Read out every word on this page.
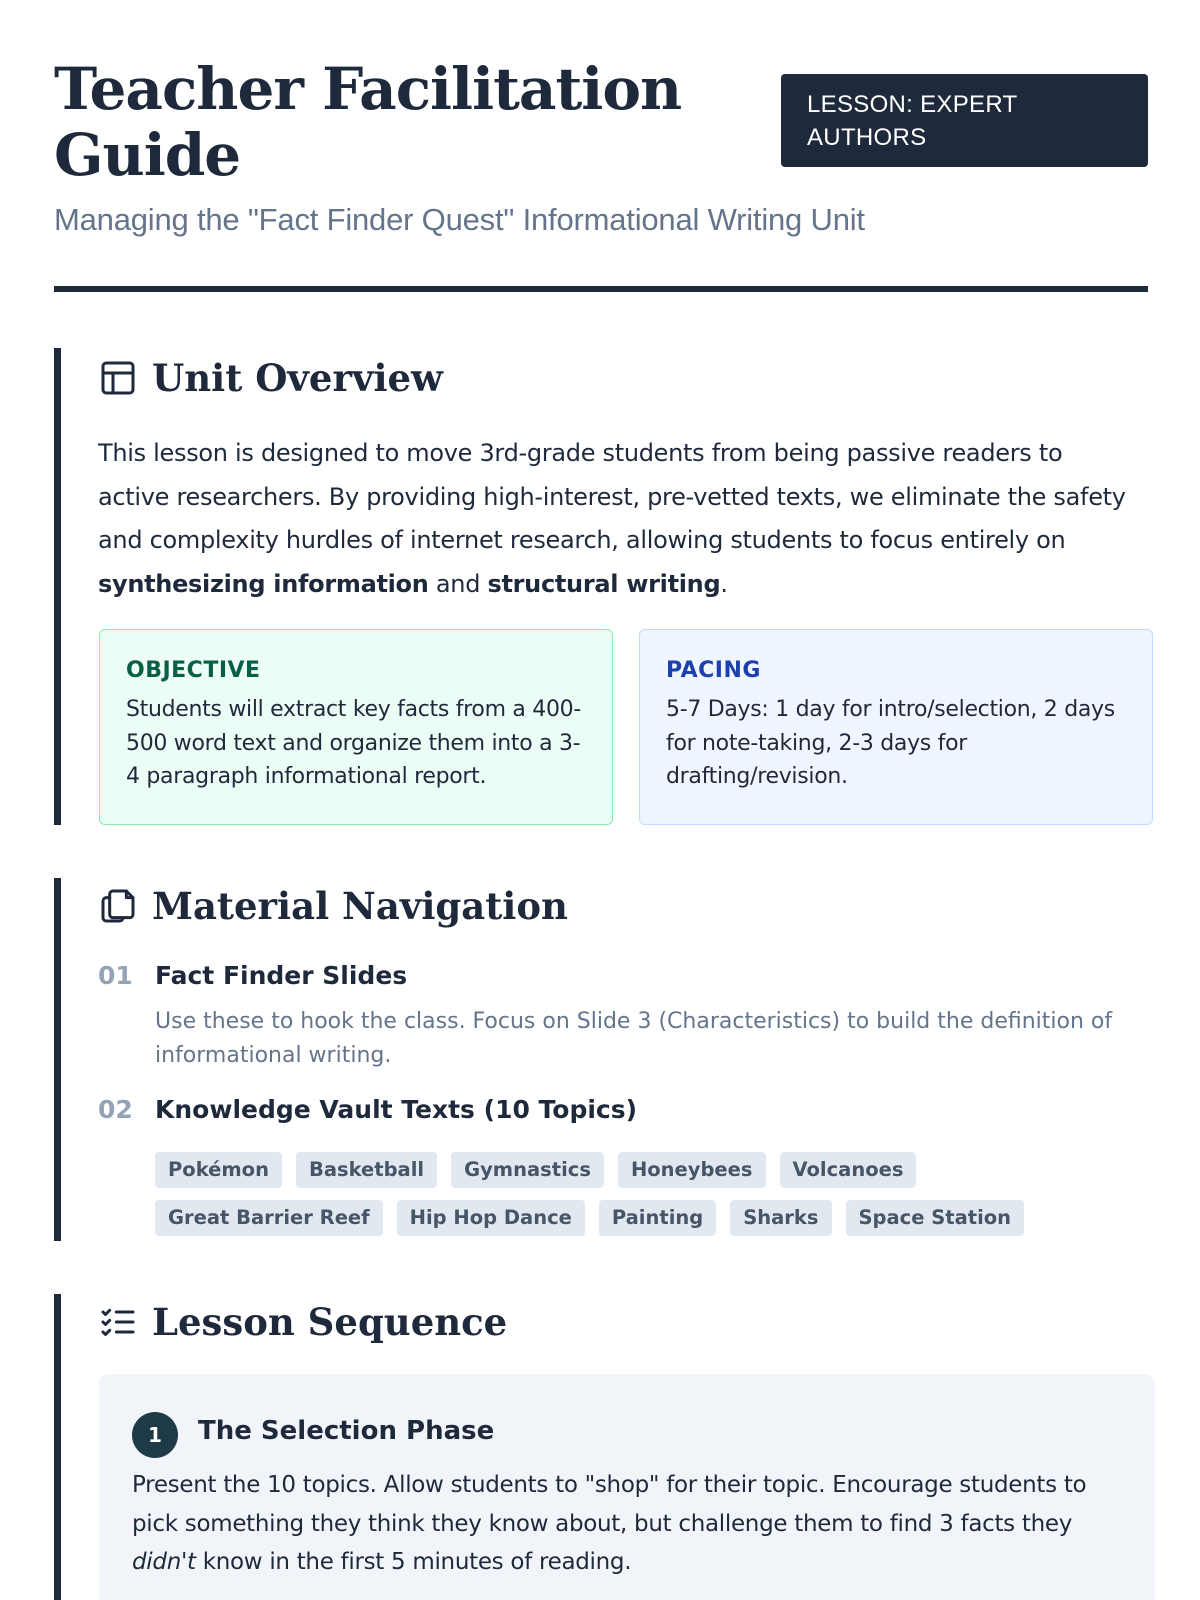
Teacher Facilitation Guide
LESSON: EXPERT AUTHORS
Managing the "Fact Finder Quest" Informational Writing Unit
Unit Overview

This lesson is designed to move 3rd-grade students from being passive readers to active researchers. By providing high-interest, pre-vetted texts, we eliminate the safety and complexity hurdles of internet research, allowing students to focus entirely on synthesizing information and structural writing.

OBJECTIVE
Students will extract key facts from a 400-500 word text and organize them into a 3-4 paragraph informational report.
PACING
5-7 Days: 1 day for intro/selection, 2 days for note-taking, 2-3 days for drafting/revision.
Material Navigation
01 Fact Finder Slides

Use these to hook the class. Focus on Slide 3 (Characteristics) to build the definition of informational writing.

02 Knowledge Vault Texts (10 Topics)
Pokémon	Basketball	Gymnastics	Honeybees	Volcanoes
Great Barrier Reef	Hip Hop Dance	Painting	Sharks	Space Station
Lesson Sequence
1	The Selection Phase

Present the 10 topics. Allow students to "shop" for their topic. Encourage students to pick something they think they know about, but challenge them to find 3 facts they didn't know in the first 5 minutes of reading.
